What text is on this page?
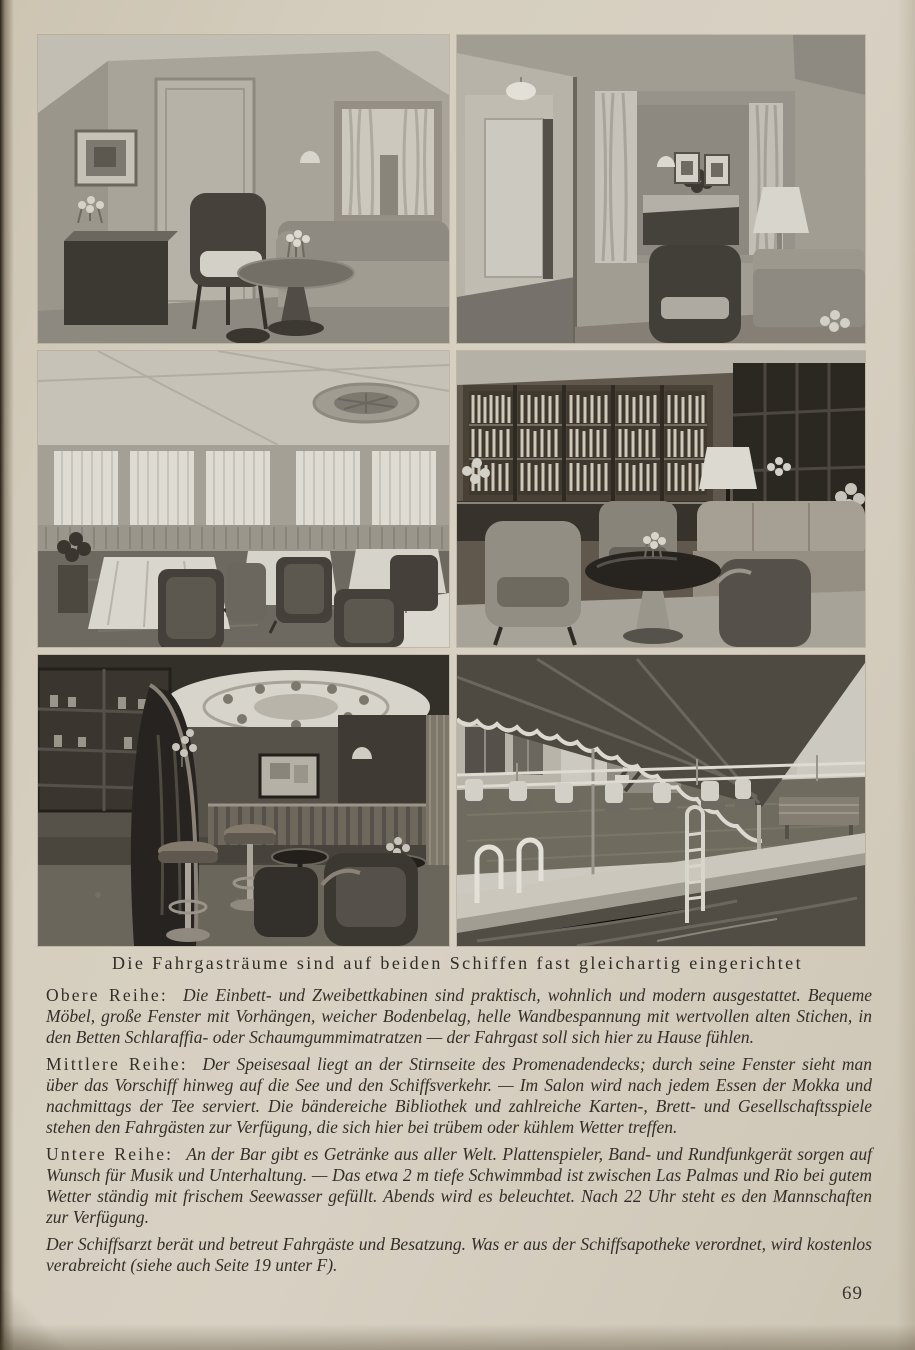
Die Fahrgasträume sind auf beiden Schiffen fast gleichartig eingerichtet

Obere Reihe: Die Einbett- und Zweibettkabinen sind praktisch, wohnlich und modern ausgestattet. Bequeme Möbel, große Fenster mit Vorhängen, weicher Bodenbelag, helle Wandbespannung mit wertvollen alten Stichen, in den Betten Schlaraffia- oder Schaumgummimatratzen — der Fahrgast soll sich hier zu Hause fühlen.

Mittlere Reihe: Der Speisesaal liegt an der Stirnseite des Promenadendecks; durch seine Fenster sieht man über das Vorschiff hinweg auf die See und den Schiffsverkehr. — Im Salon wird nach jedem Essen der Mokka und nachmittags der Tee serviert. Die bändereiche Bibliothek und zahlreiche Karten-, Brett- und Gesellschaftsspiele stehen den Fahrgästen zur Verfügung, die sich hier bei trübem oder kühlem Wetter treffen.

Untere Reihe: An der Bar gibt es Getränke aus aller Welt. Plattenspieler, Band- und Rundfunkgerät sorgen auf Wunsch für Musik und Unterhaltung. — Das etwa 2 m tiefe Schwimmbad ist zwischen Las Palmas und Rio bei gutem Wetter ständig mit frischem Seewasser gefüllt. Abends wird es beleuchtet. Nach 22 Uhr steht es den Mannschaften zur Verfügung.

Der Schiffsarzt berät und betreut Fahrgäste und Besatzung. Was er aus der Schiffsapotheke verordnet, wird kostenlos verabreicht (siehe auch Seite 19 unter F).

69
